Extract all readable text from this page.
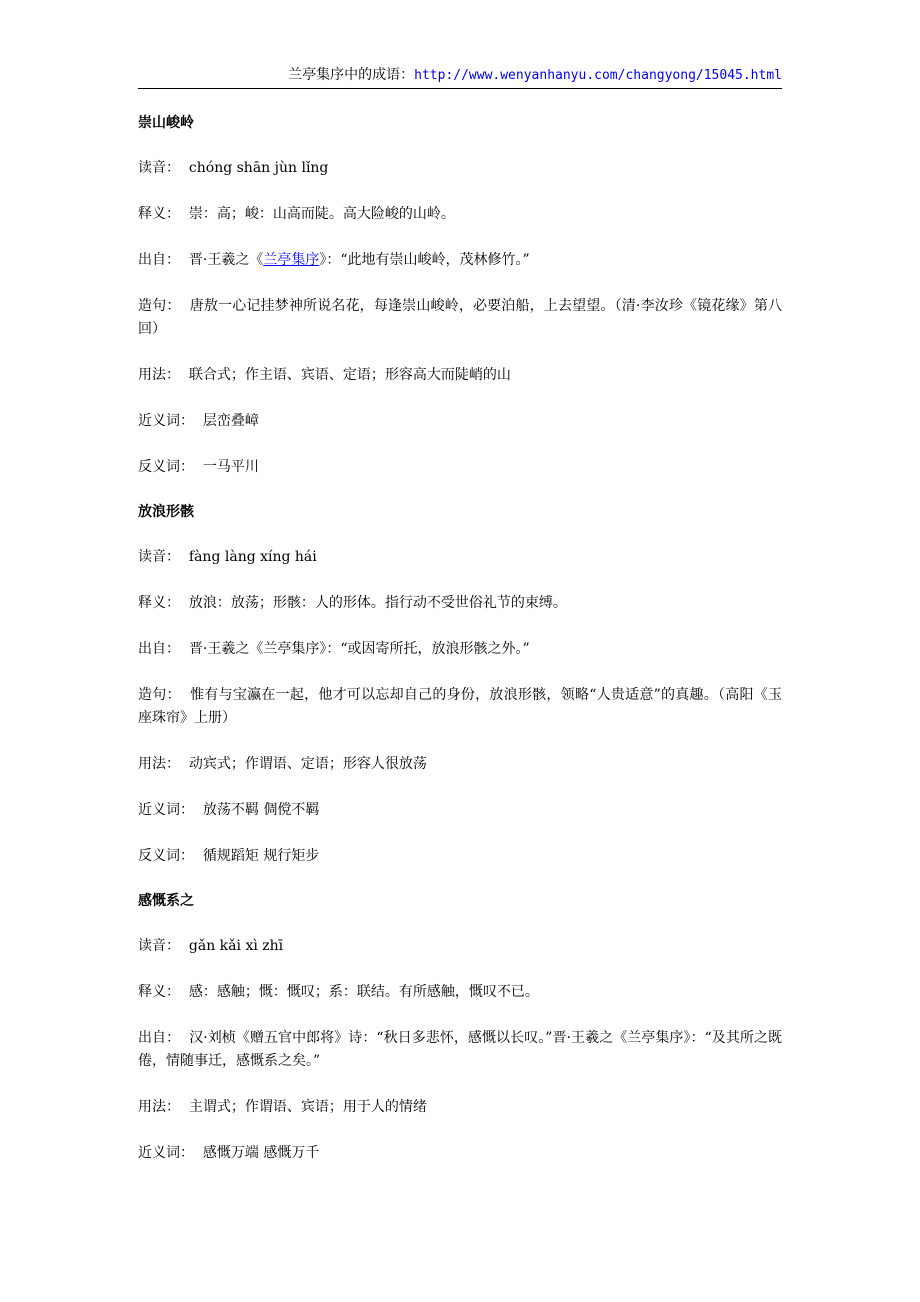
兰亭集序中的成语：http://www.wenyanhanyu.com/changyong/15045.html

崇山峻岭

读音： chóng shān jùn lǐng

释义： 崇：高；峻：山高而陡。高大险峻的山岭。

出自： 晋·王羲之《兰亭集序》：“此地有崇山峻岭，茂林修竹。”

造句： 唐敖一心记挂梦神所说名花，每逢崇山峻岭，必要泊船，上去望望。（清·李汝珍《镜花缘》第八回）

用法： 联合式；作主语、宾语、定语；形容高大而陡峭的山

近义词： 层峦叠嶂

反义词： 一马平川

放浪形骸

读音： fàng làng xíng hái

释义： 放浪：放荡；形骸：人的形体。指行动不受世俗礼节的束缚。

出自： 晋·王羲之《兰亭集序》：“或因寄所托，放浪形骸之外。”

造句： 惟有与宝瀛在一起，他才可以忘却自己的身份，放浪形骸，领略“人贵适意”的真趣。（高阳《玉座珠帘》上册）

用法： 动宾式；作谓语、定语；形容人很放荡

近义词： 放荡不羁 倜傥不羁

反义词： 循规蹈矩 规行矩步

感慨系之

读音： gǎn kǎi xì zhī

释义： 感：感触；慨：慨叹；系：联结。有所感触，慨叹不已。

出自： 汉·刘桢《赠五官中郎将》诗：“秋日多悲怀，感慨以长叹。”晋·王羲之《兰亭集序》：“及其所之既倦，情随事迁，感慨系之矣。”

用法： 主谓式；作谓语、宾语；用于人的情绪

近义词： 感慨万端 感慨万千
